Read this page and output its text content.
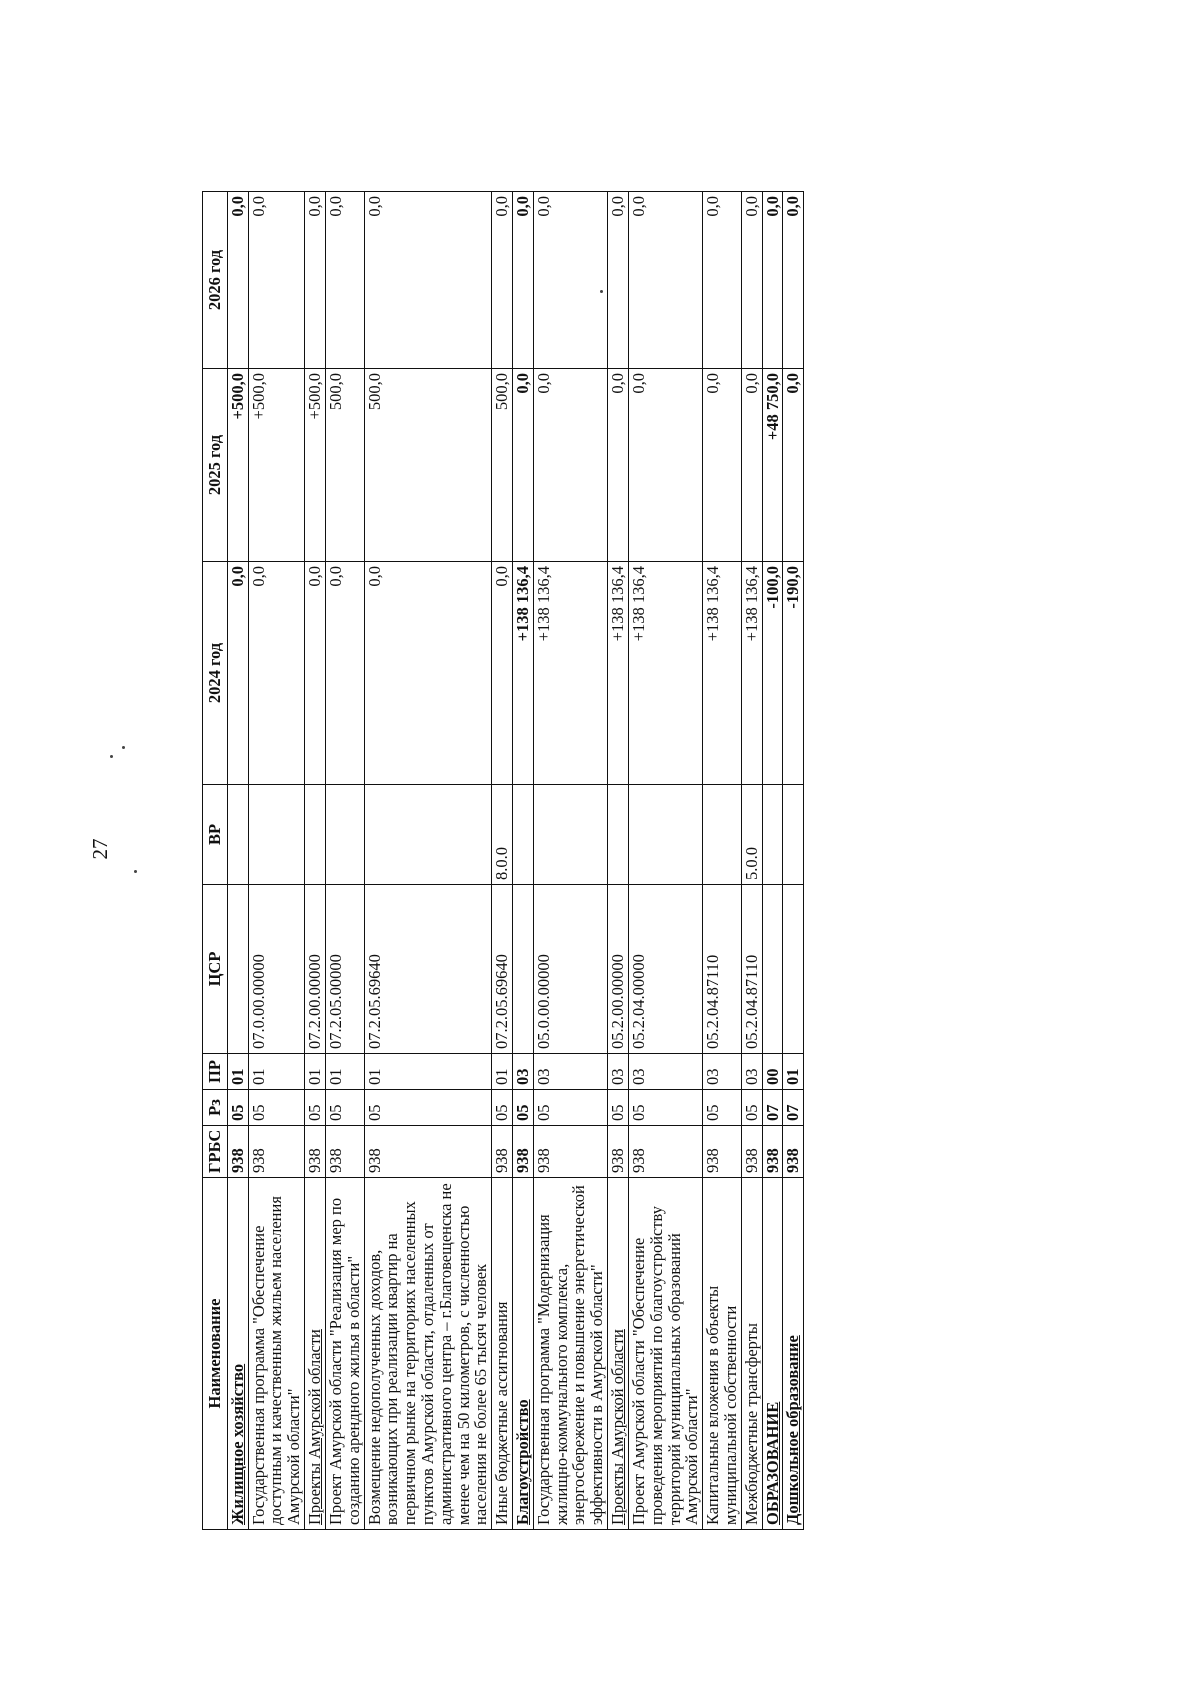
27
Наименование	ГРБС	Рз	ПР	ЦСР	ВР	2024 год	2025 год	2026 год
Жилищное хозяйство	938	05	01			0,0	+500,0	0,0
Государственная программа "Обеспечение доступным и качественным жильем населения Амурской области"	938	05	01	07.0.00.00000		0,0	+500,0	0,0
Проекты Амурской области	938	05	01	07.2.00.00000		0,0	+500,0	0,0
Проект Амурской области "Реализация мер по созданию арендного жилья в области"	938	05	01	07.2.05.00000		0,0	500,0	0,0
Возмещение недополученных доходов, возникающих при реализации квартир на первичном рынке на территориях населенных пунктов Амурской области, отдаленных от административного центра – г.Благовещенска не менее чем на 50 километров, с численностью населения не более 65 тысяч человек	938	05	01	07.2.05.69640		0,0	500,0	0,0
Иные бюджетные ассигнования	938	05	01	07.2.05.69640	8.0.0	0,0	500,0	0,0
Благоустройство	938	05	03			+138 136,4	0,0	0,0
Государственная программа "Модернизация жилищно-коммунального комплекса, энергосбережение и повышение энергетической эффективности в Амурской области"	938	05	03	05.0.00.00000		+138 136,4	0,0	0,0
Проекты Амурской области	938	05	03	05.2.00.00000		+138 136,4	0,0	0,0
Проект Амурской области "Обеспечение проведения мероприятий по благоустройству территорий муниципальных образований Амурской области"	938	05	03	05.2.04.00000		+138 136,4	0,0	0,0
Капитальные вложения в объекты муниципальной собственности	938	05	03	05.2.04.87110		+138 136,4	0,0	0,0
Межбюджетные трансферты	938	05	03	05.2.04.87110	5.0.0	+138 136,4	0,0	0,0
ОБРАЗОВАНИЕ	938	07	00			-100,0	+48 750,0	0,0
Дошкольное образование	938	07	01			-190,0	0,0	0,0
